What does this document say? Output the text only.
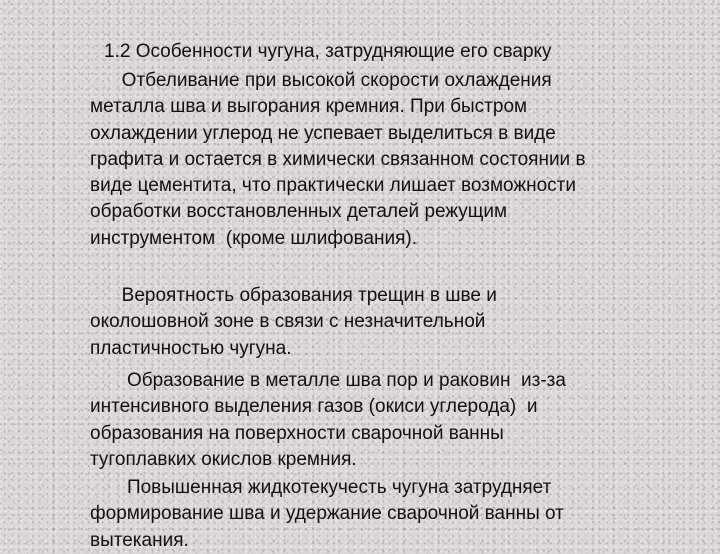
1.2 Особенности чугуна, затрудняющие его сварку

Отбеливание при высокой скорости охлаждения
металла шва и выгорания кремния. При быстром
охлаждении углерод не успевает выделиться в виде
графита и остается в химически связанном состоянии в
виде цементита, что практически лишает возможности
обработки восстановленных деталей режущим
инструментом  (кроме шлифования).

Вероятность образования трещин в шве и
околошовной зоне в связи с незначительной
пластичностью чугуна.

Образование в металле шва пор и раковин  из-за
интенсивного выделения газов (окиси углерода)  и
образования на поверхности сварочной ванны
тугоплавких окислов кремния.

Повышенная жидкотекучесть чугуна затрудняет
формирование шва и удержание сварочной ванны от
вытекания.
